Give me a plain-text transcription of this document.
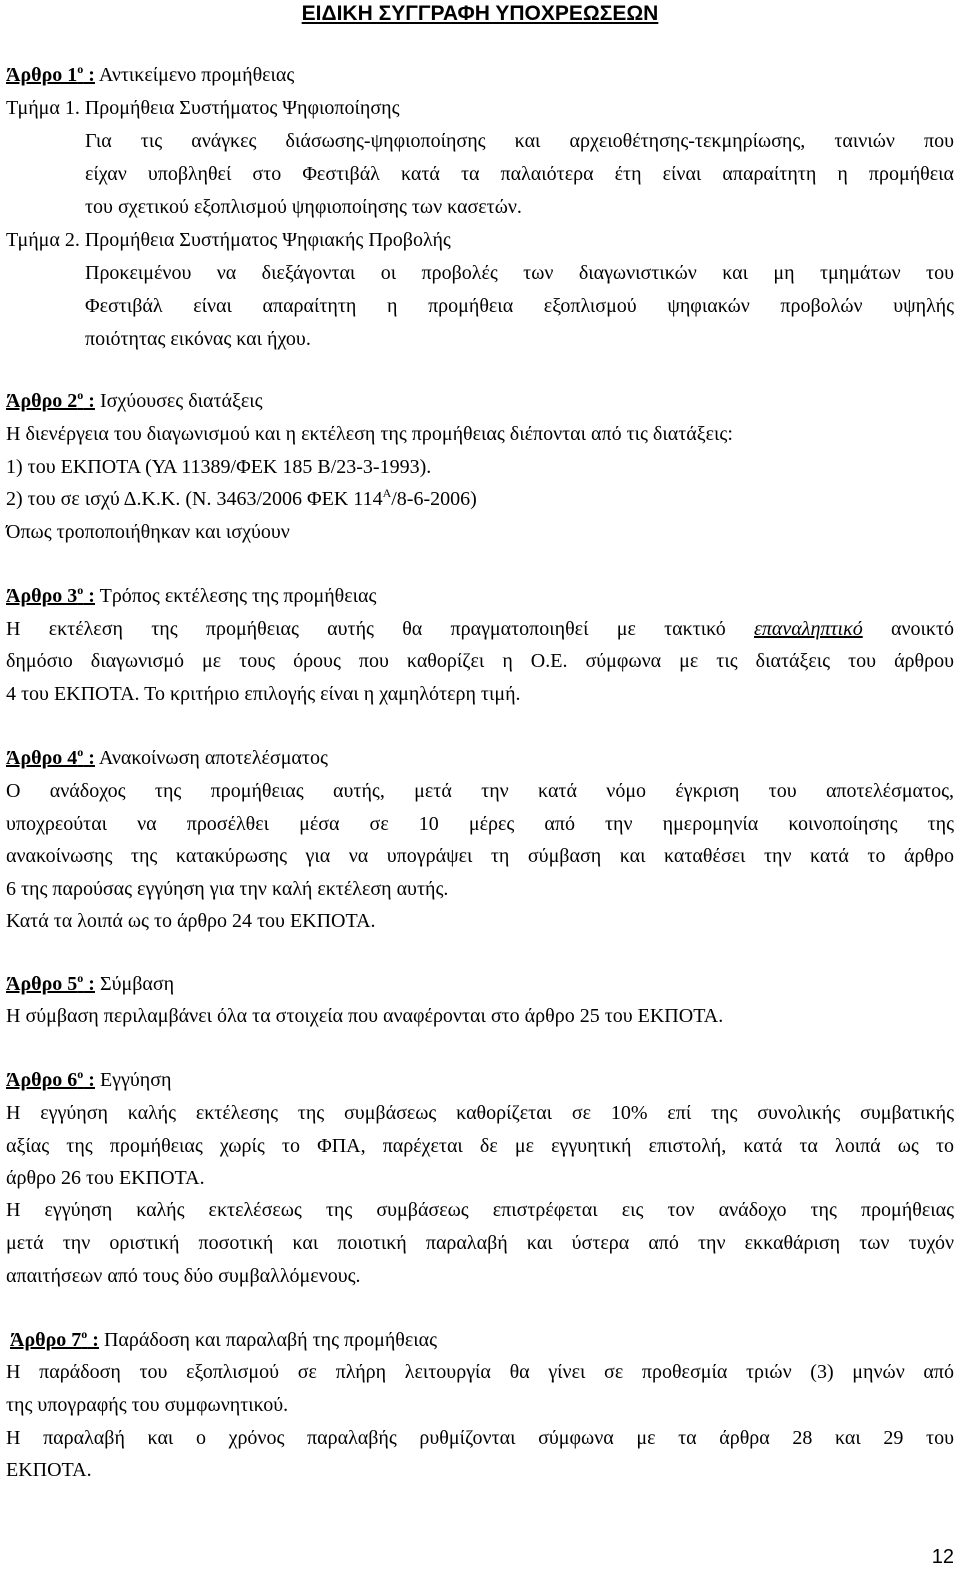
ΕΙΔΙΚΗ ΣΥΓΓΡΑΦΗ ΥΠΟΧΡΕΩΣΕΩΝ
Άρθρο $1^o$ : Αντικείμενο προμήθειας
Τμήμα 1. Προμήθεια Συστήματος Ψηφιοποίησης
Για τις ανάγκες διάσωσης-ψηφιοποίησης και αρχειοθέτησης-τεκμηρίωσης, ταινιών που
είχαν υποβληθεί στο Φεστιβάλ κατά τα παλαιότερα έτη είναι απαραίτητη η προμήθεια
του σχετικού εξοπλισμού ψηφιοποίησης των κασετών.
Τμήμα 2. Προμήθεια Συστήματος Ψηφιακής Προβολής
Προκειμένου να διεξάγονται οι προβολές των διαγωνιστικών και μη τμημάτων του
Φεστιβάλ είναι απαραίτητη η προμήθεια εξοπλισμού ψηφιακών προβολών υψηλής
ποιότητας εικόνας και ήχου.
Άρθρο $2^o$ : Ισχύουσες διατάξεις
Η διενέργεια του διαγωνισμού και η εκτέλεση της προμήθειας διέπονται από τις διατάξεις:
1) του ΕΚΠΟΤΑ (ΥΑ 11389/ΦΕΚ 185 Β/23-3-1993).
2) του σε ισχύ Δ.Κ.Κ. (Ν. 3463/2006 ΦΕΚ $114^A/8-6-2006$)
Όπως τροποποιήθηκαν και ισχύουν
Άρθρο $3^o$ : Τρόπος εκτέλεσης της προμήθειας
Η εκτέλεση της προμήθειας αυτής θα πραγματοποιηθεί με τακτικό επαναληπτικό ανοικτό
δημόσιο διαγωνισμό με τους όρους που καθορίζει η Ο.Ε. σύμφωνα με τις διατάξεις του άρθρου
4 του ΕΚΠΟΤΑ. Το κριτήριο επιλογής είναι η χαμηλότερη τιμή.
Άρθρο $4^o$ : Ανακοίνωση αποτελέσματος
Ο ανάδοχος της προμήθειας αυτής, μετά την κατά νόμο έγκριση του αποτελέσματος,
υποχρεούται να προσέλθει μέσα σε 10 μέρες από την ημερομηνία κοινοποίησης της
ανακοίνωσης της κατακύρωσης για να υπογράψει τη σύμβαση και καταθέσει την κατά το άρθρο
6 της παρούσας εγγύηση για την καλή εκτέλεση αυτής.
Κατά τα λοιπά ως το άρθρο 24 του ΕΚΠΟΤΑ.
Άρθρο $5^o$ : Σύμβαση
Η σύμβαση περιλαμβάνει όλα τα στοιχεία που αναφέρονται στο άρθρο 25 του ΕΚΠΟΤΑ.
Άρθρο $6^o$ : Εγγύηση
Η εγγύηση καλής εκτέλεσης της συμβάσεως καθορίζεται σε 10% επί της συνολικής συμβατικής
αξίας της προμήθειας χωρίς το ΦΠΑ, παρέχεται δε με εγγυητική επιστολή, κατά τα λοιπά ως το
άρθρο 26 του ΕΚΠΟΤΑ.
Η εγγύηση καλής εκτελέσεως της συμβάσεως επιστρέφεται εις τον ανάδοχο της προμήθειας
μετά την οριστική ποσοτική και ποιοτική παραλαβή και ύστερα από την εκκαθάριση των τυχόν
απαιτήσεων από τους δύο συμβαλλόμενους.
Άρθρο $7^o$ : Παράδοση και παραλαβή της προμήθειας
Η παράδοση του εξοπλισμού σε πλήρη λειτουργία θα γίνει σε προθεσμία τριών (3) μηνών από
της υπογραφής του συμφωνητικού.
Η παραλαβή και ο χρόνος παραλαβής ρυθμίζονται σύμφωνα με τα άρθρα 28 και 29 του
ΕΚΠΟΤΑ.
12
